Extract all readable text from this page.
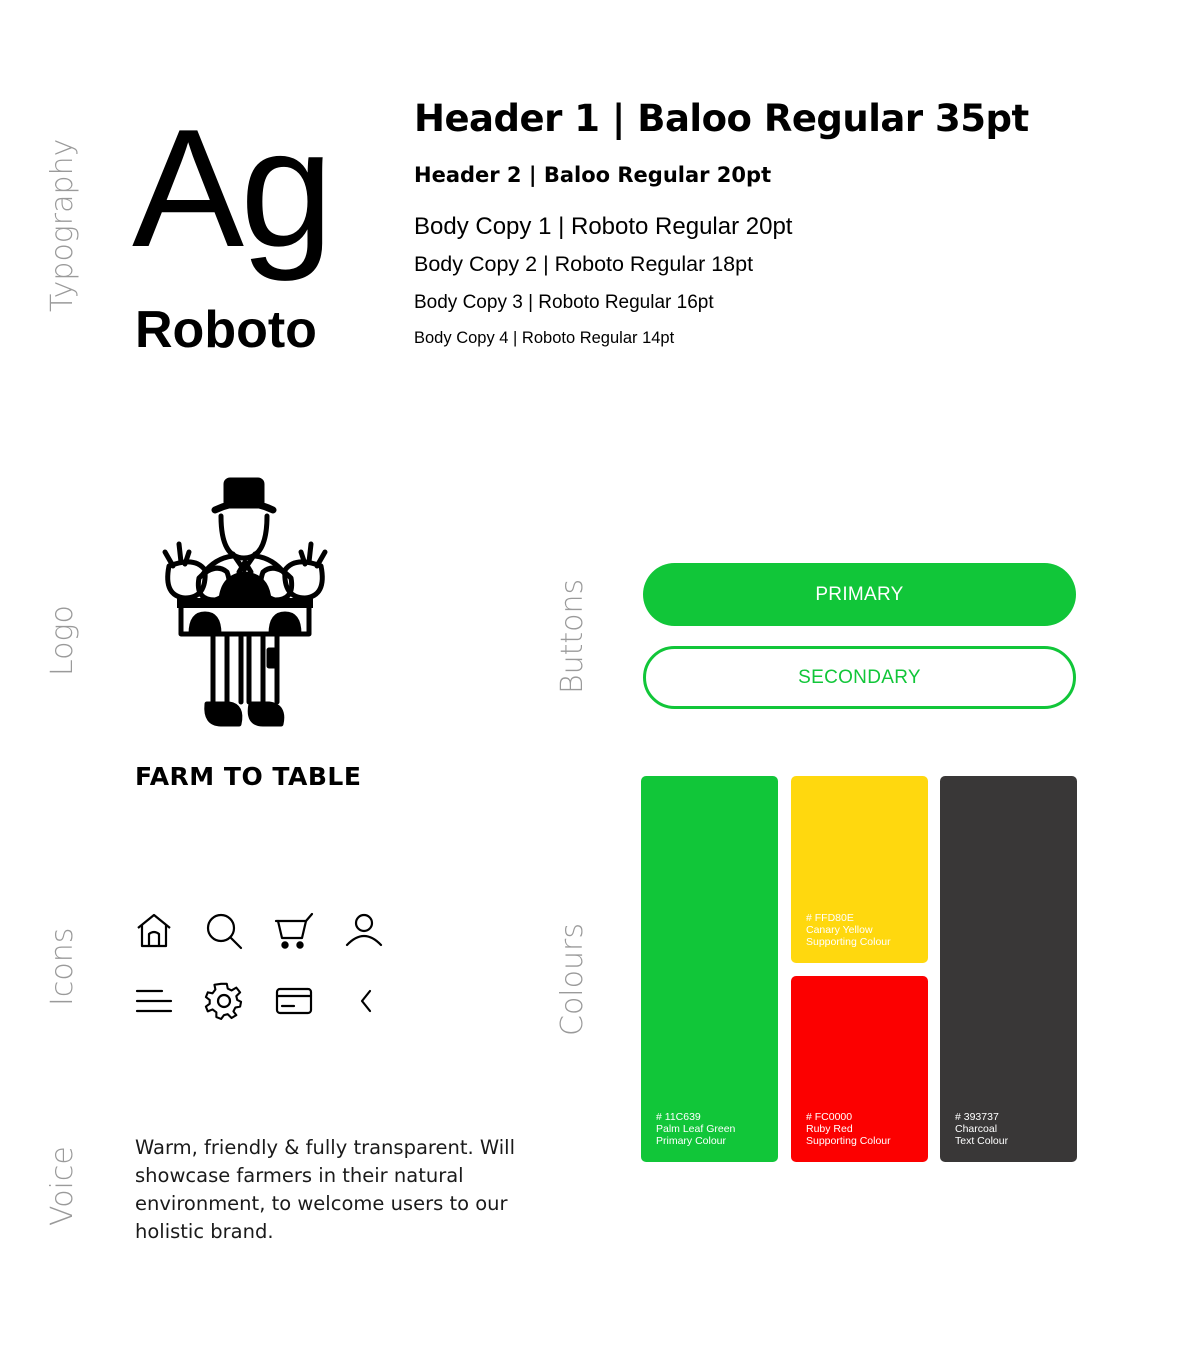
Typography
Logo
Icons
Voice
Buttons
Colours
Ag
Roboto
Header 1 | Baloo Regular 35pt
Header 2 | Baloo Regular 20pt
Body Copy 1 | Roboto Regular 20pt
Body Copy 2 | Roboto Regular 18pt
Body Copy 3 | Roboto Regular 16pt
Body Copy 4 | Roboto Regular 14pt
FARM TO TABLE
Warm, friendly & fully transparent. Will showcase farmers in their natural environment, to welcome users to our holistic brand.
PRIMARY
SECONDARY
# 11C639
Palm Leaf Green
Primary Colour
# FFD80E
Canary Yellow
Supporting Colour
# FC0000
Ruby Red
Supporting Colour
# 393737
Charcoal
Text Colour
